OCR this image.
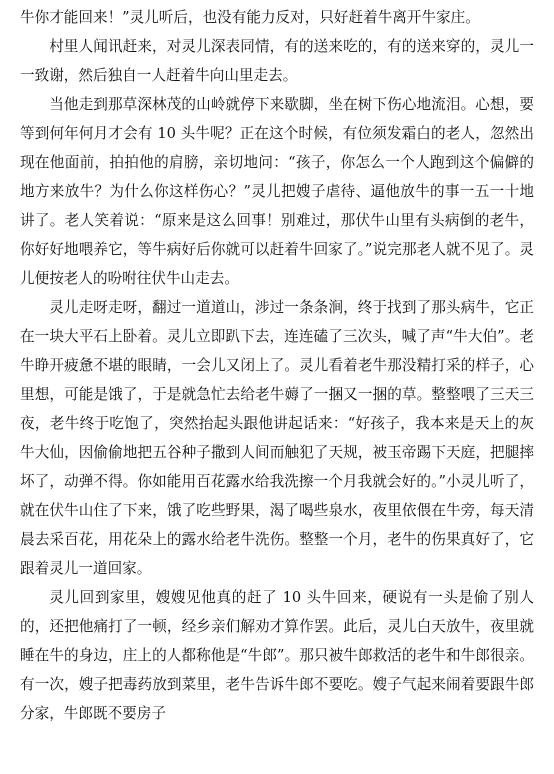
牛你才能回来！”灵儿听后，也没有能力反对，只好赶着牛离开牛家庄。

村里人闻讯赶来，对灵儿深表同情，有的送来吃的，有的送来穿的，灵儿一一致谢，然后独自一人赶着牛向山里走去。

当他走到那草深林茂的山岭就停下来歇脚，坐在树下伤心地流泪。心想，要等到何年何月才会有 10 头牛呢？正在这个时候，有位须发霜白的老人，忽然出现在他面前，拍拍他的肩膀，亲切地问：“孩子，你怎么一个人跑到这个偏僻的地方来放牛？为什么你这样伤心？”灵儿把嫂子虐待、逼他放牛的事一五一十地讲了。老人笑着说：“原来是这么回事！别难过，那伏牛山里有头病倒的老牛，你好好地喂养它，等牛病好后你就可以赶着牛回家了。”说完那老人就不见了。灵儿便按老人的吩咐往伏牛山走去。

灵儿走呀走呀，翻过一道道山，涉过一条条涧，终于找到了那头病牛，它正在一块大平石上卧着。灵儿立即趴下去，连连磕了三次头，喊了声“牛大伯”。老牛睁开疲惫不堪的眼睛，一会儿又闭上了。灵儿看着老牛那没精打采的样子，心里想，可能是饿了，于是就急忙去给老牛薅了一捆又一捆的草。整整喂了三天三夜，老牛终于吃饱了，突然抬起头跟他讲起话来：“好孩子，我本来是天上的灰牛大仙，因偷偷地把五谷种子撒到人间而触犯了天规，被玉帝踢下天庭，把腿摔坏了，动弹不得。你如能用百花露水给我洗擦一个月我就会好的。”小灵儿听了，就在伏牛山住了下来，饿了吃些野果，渴了喝些泉水，夜里依偎在牛旁，每天清晨去采百花，用花朵上的露水给老牛洗伤。整整一个月，老牛的伤果真好了，它跟着灵儿一道回家。

灵儿回到家里，嫂嫂见他真的赶了 10 头牛回来，硬说有一头是偷了别人的，还把他痛打了一顿，经乡亲们解劝才算作罢。此后，灵儿白天放牛，夜里就睡在牛的身边，庄上的人都称他是“牛郎”。那只被牛郎救活的老牛和牛郎很亲。有一次，嫂子把毒药放到菜里，老牛告诉牛郎不要吃。嫂子气起来闹着要跟牛郎分家，牛郎既不要房子
